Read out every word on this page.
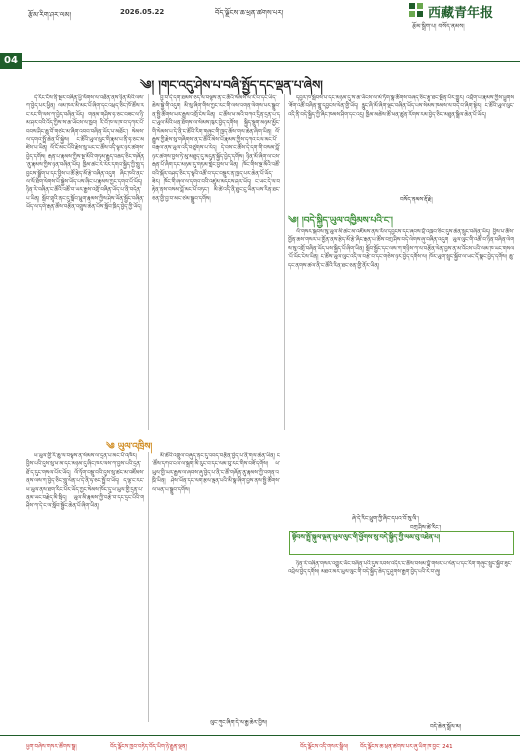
རྩོམ་རིག་ཤར་ལམ།	2026.05.22	བོད་ལྗོངས་ཆ་ཕྲན་ཚགས་པར།	西藏青年报
རྩོམ་སྒྲིག་པ། བསོད་ནམས།
04
༄། །གང་འདུ་ཤེས་པ་བཞི་སྤྱོད་དང་ལྡན་པ་ཞེས།

དེ་རིང་ངོས་ནི་སྔར་བཞིན་ཕྱི་ལོགས་ལ་འཐོན་ནས་ཉིན་མོའི་ལས་ཀ་བྱེད་པར་ཕྱིན། ལམ་ཁར་མི་མང་པོ་ཞིག་དང་འཕྲད་ཅིང་ཁོ་ཚོས་རང་རང་གི་ལས་ཀ་བྱེད་བཞིན་ཡོད། གནམ་གཤིས་ཧ་ཅང་བཟང་ལ་ཉི་མ་ཤར་བའི་འོད་ཀྱིས་ས་ཆ་ཡོངས་ལ་ཁྱབ། རི་བོ་ཁ་ལ་ཁ་བ་དཀར་པོ་བབས་ཤིང་ཆུ་བོ་གཙང་མ་ཞིག་འབབ་བཞིན་ཡོད་པ་མཐོང་། སེམས་ལ་དགའ་སྤྲོ་ཆེན་པོ་སྐྱེས། ང་ཚོའི་ཡུལ་ལུང་གི་རྣམ་པ་ནི་ཧ་ཅང་མཛེས་པ་ཡིན། ལོ་ངོ་མང་པོའི་རྗེས་སུ་ཡང་ང་ཚོས་འདི་ལྟར་ཉར་ཚགས་བྱེད་དགོས། རྒན་པ་རྣམས་ཀྱིས་སྔ་མོའི་གཏམ་རྒྱུད་འཆད་ཅིང་གཞོན་ནུ་རྣམས་ཀྱིས་ཉན་བཞིན་ཡོད། ཁྱིམ་ཚང་རེ་རེར་དགའ་སྐྱིད་ཀྱི་གླུ་དབྱངས་སྒྲོག་པ་དང་བྱིས་པ་ཚོ་རྩེད་མོ་རྩེ་བཞིན་འདུག ཞིང་ཁའི་ནང་ལ་ལོ་ཐོག་ལེགས་པོ་སྐྱེས་ཡོད་པས་ཞིང་པ་རྣམས་ཀྱང་དགའ་པོ་ཡོད། ཉིན་རེ་བཞིན་ང་ཚོའི་འཚོ་བ་ཡར་རྒྱས་འགྲོ་བཞིན་ཡོད་པ་ནི་བདེན་པ་ཡིན། སློབ་གྲྭའི་ནང་དུ་སློབ་ཕྲུག་རྣམས་ཀྱིས་ཤེས་ཡོན་སྦྱོང་བཞིན་ཡོད་ལ་དགེ་རྒན་ཚོས་བརྩོན་འགྲུས་ཆེན་པོས་སློབ་ཁྲིད་བྱེད་ཀྱི་ཡོད།

བྱ་བ་དེ་དག་ཐམས་ཅད་ལ་བལྟས་ན་ང་ཚོའི་སེམས་ལ་རེ་བ་དང་ཡིད་ཆེས་སྐྱེ་གི་འདུག མི་སུ་ཞིག་གིས་ཀྱང་རང་གི་ལས་འགན་ལེགས་པར་སྒྲུབ་ན་སྤྱི་ཚོགས་ཡར་རྒྱས་འགྲོ་ངེས་ཡིན། ང་ཚོས་ཕ་མའི་བཀའ་དྲིན་དྲན་པ་དང་ཡུལ་མིའི་ཕན་ཐོགས་ལ་སེམས་ཁུར་བྱེད་དགོས། སྐྱིད་སྡུག་མཉམ་མྱོང་གི་སེམས་པ་དེ་ནི་ང་ཚོའི་རིག་གཞུང་གི་ཁྱད་ཆོས་གལ་ཆེན་ཞིག་ཡིན། ལོ་རྒྱུས་ཀྱི་རྗེས་སུ་གཞིགས་ན་ང་ཚོའི་མེས་པོ་རྣམས་ཀྱིས་དཀའ་ངལ་མང་པོ་བརྒལ་ནས་ཡུལ་འདི་བཙུགས་པ་རེད། དེ་བས་ང་ཚོས་དེ་དག་གི་བསམ་བློ་ཉར་ཚགས་བྱས་ཏེ་མུ་མཐུད་དུ་མདུན་སྐྱོད་བྱེད་དགོས། ཉིན་མོ་ཞིག་ལ་ངས་རྒན་པོ་ཞིག་དང་མཉམ་དུ་གཏམ་གླེང་བྱས་པ་ཡིན། ཁོང་གིས་སྔ་མོའི་འཚོ་བའི་སྐོར་བཤད་ཅིང་ད་ལྟའི་འཚོ་བ་དང་བསྡུར་ན་ཁྱད་པར་ཆེན་པོ་ཡོད་ཟེར། ཁོང་གི་ཞལ་ལ་དགའ་བའི་འཛུམ་མདངས་ཤར་ཡོད། ང་ཡང་དེ་ལ་བརྟེན་ནས་བསམ་བློ་མང་པོ་བཏང་། མི་ཚེ་འདི་ནི་ཐུང་ངུ་ཡིན་པས་རིན་ཐང་ཅན་གྱི་བྱ་བ་མང་ཙམ་སྒྲུབ་དགོས།

དབྱར་ཁ་སླེབས་པ་དང་མཉམ་དུ་ས་ཆ་ཡོངས་ལ་མེ་ཏོག་སྣ་ཚོགས་བཞད་ཅིང་རྩྭ་ཐང་སྔོན་པོར་གྱུར། འབྲོག་པ་རྣམས་ཀྱིས་ཕྱུགས་ཟོག་འཚོ་བཞིན་གླུ་དབྱངས་ལེན་གྱི་ཡོད། རླུང་ཞི་མོ་ཞིག་ལྡང་བཞིན་ཡོད་པས་སེམས་ཁམས་ལ་བདེ་བ་ཞིག་སྟེར། ང་ཚོའི་ཡུལ་ལུང་འདི་ནི་བདེ་སྐྱིད་ཀྱི་ཞིང་ཁམས་ཤིག་དང་འདྲ། ཁྱིམ་མཚེས་ཚོ་ཕན་ཚུན་རོགས་རམ་བྱེད་ཅིང་མཐུན་སྒྲིལ་ཆེན་པོ་ཡོད།

བསོད་ནམས་རྡོ་རྗེ།
༄། །བདེ་སྐྱིད་ཡུལ་འཁྱིམས་པའི་ང་།

ལོ་གསར་སྐབས་སུ་ཡུལ་མི་ཚང་མ་འཛོམས་ནས་རོལ་དབྱངས་དང་ཞབས་བྲོ་འཁྲབ་ཅིང་དུས་ཆེན་སྲུང་བཞིན་ཡོད། བྱིས་པ་ཚོས་གྱོན་ཆས་གསར་པ་གྱོན་ནས་རྩེད་མོ་རྩེ་ཞིང་རྒན་པ་ཚོས་བཀྲ་ཤིས་བདེ་ལེགས་ཞུ་བཞིན་འདུག ཡུལ་ལུང་གི་འཚོ་བ་ཉིན་བཞིན་ལེགས་སུ་འགྲོ་བཞིན་ཡོད་པས་སྐྱིད་པོ་ཞིག་ཡིན། སློབ་སྦྱོང་དང་ལས་ཀ་གཉིས་ཀ་ལ་བརྩོན་ལེན་བྱས་ན་མ་འོངས་པའི་ལམ་ཁ་ཡང་གསལ་པོ་ཡོང་ངེས་ཡིན། ང་ཚོས་ཡུལ་ལུང་འདི་ལ་བརྩེ་བ་དང་གཅེས་ཉར་བྱེད་དགོས་ལ། ཁོར་ཡུག་སྲུང་སྐྱོབ་ལ་ཡང་དོ་སྣང་བྱེད་དགོས། ཆུ་དང་ནགས་ཚལ་ནི་ང་ཚོའི་རིན་ཐང་ཅན་གྱི་ནོར་ཡིན།

ཞེ་དེ་རིང་ཕྲུག་ཀྱི་ཞིང་དཔའ་བོ་སུ་ལི་།
བཀྲ་ཤིས་ཚེ་རིང་།
༄ ཡུལ་འཁྲིས།

ཕ་ཡུལ་གྱི་རི་ཆུ་ལ་བལྟས་ན་སེམས་ལ་དྲན་པ་མང་པོ་འཁོར། བྱིས་པའི་དུས་སུ་ཕ་མ་དང་མཉམ་དུ་ཞིང་ཁར་ལས་ཀ་བྱས་པའི་དྲན་ཐོ་ད་དུང་གསལ་པོར་ཡོད། ལོ་ཏོག་བསྡུ་བའི་དུས་སུ་ཚང་མ་འཛོམས་ནས་ལས་ཀ་བྱེད་ཅིང་གླུ་ལེན་པ་དེ་ནི་ཧ་ཅང་སྤྲོ་བ་ཡོད། ད་ལྟ་ང་རང་ཕ་ཡུལ་ནས་ཐག་རིང་པོར་ཡོད་ཀྱང་སེམས་ཁོང་དུ་ཕ་ཡུལ་གྱི་དྲན་པ་ནམ་ཡང་བརྗེད་མི་སྲིད། ཡུལ་མི་རྣམས་ཀྱི་བརྩེ་བ་དང་དྲང་པོའི་གཤིས་ཀ་དེ་ང་ལ་སློབ་སྦྱོང་ཆེན་པོ་ཞིག་ཡིན།

མི་ཚེའི་འགྲུལ་བཞུད་ནང་དུ་འབད་བརྩོན་བྱེད་པ་ནི་གལ་ཆེན་ཡིན། ང་ཚོས་དཀའ་ངལ་ལ་སྐྲག་མི་རུང་བ་དང་ལམ་བུ་རང་གིས་བཟོ་དགོས། ཕ་ཡུལ་གྱི་ཡར་རྒྱས་ལ་ཞབས་ཞུ་བྱེད་པ་ནི་ང་ཚོ་གཞོན་ནུ་རྣམས་ཀྱི་འགན་འཁྲི་ཡིན། ཤེས་ཡོན་དང་ལག་རྩལ་ལྡན་པའི་མི་སྣ་ཞིག་བྱས་ནས་སྤྱི་ཚོགས་ལ་ཕན་པ་སྒྲུབ་དགོས།

ལུང་ཀུང་ཞིག་དེ་ལ་རྒྱ་ཆེར་བྱིས།
སྟོབས་སྤྲོ་སྐུལ་ལྡན་ཡུལ་ལུང་གི་ཕྱོགས་སུ་བདེ་སྐྱིད་ཀྱི་ལམ་བུ་འཐེན་པ།

ཉིན་རེ་བཞིན་གསར་འགྱུར་ཡོང་བཞིན་པའི་དུས་རབས་འདིར་ང་ཚོས་བསམ་བློ་གསར་པ་ལེན་པ་དང་རིག་གཞུང་སྲུང་སྐྱོབ་ཟུང་འབྲེལ་བྱེད་དགོས། མཐའ་མར་ཡུལ་ལུང་གི་བདེ་སྐྱིད་ཆེད་དུ་ཤུགས་རྒྱག་བྱེད་པའི་རེ་བ་ཞུ།

བདེ་ཆེན་སྒྲོལ་མ།
ཕྱག་བཞེས་གསར་ཚོགས་སྒྲ།	བོད་ལྗོངས་ཁྱབ་བཏེད་བོད་ཡིག་ཉེ་རྒྱུན་ལྡན།	བོད་ལྗོངས་འདི་གསར་སྒྲིལ། བོད་ལྗོངས་ཆ་ཕྲན་ཚགས་པར་ཞུ་ཡིག་ཁ་བྱང་ 241
